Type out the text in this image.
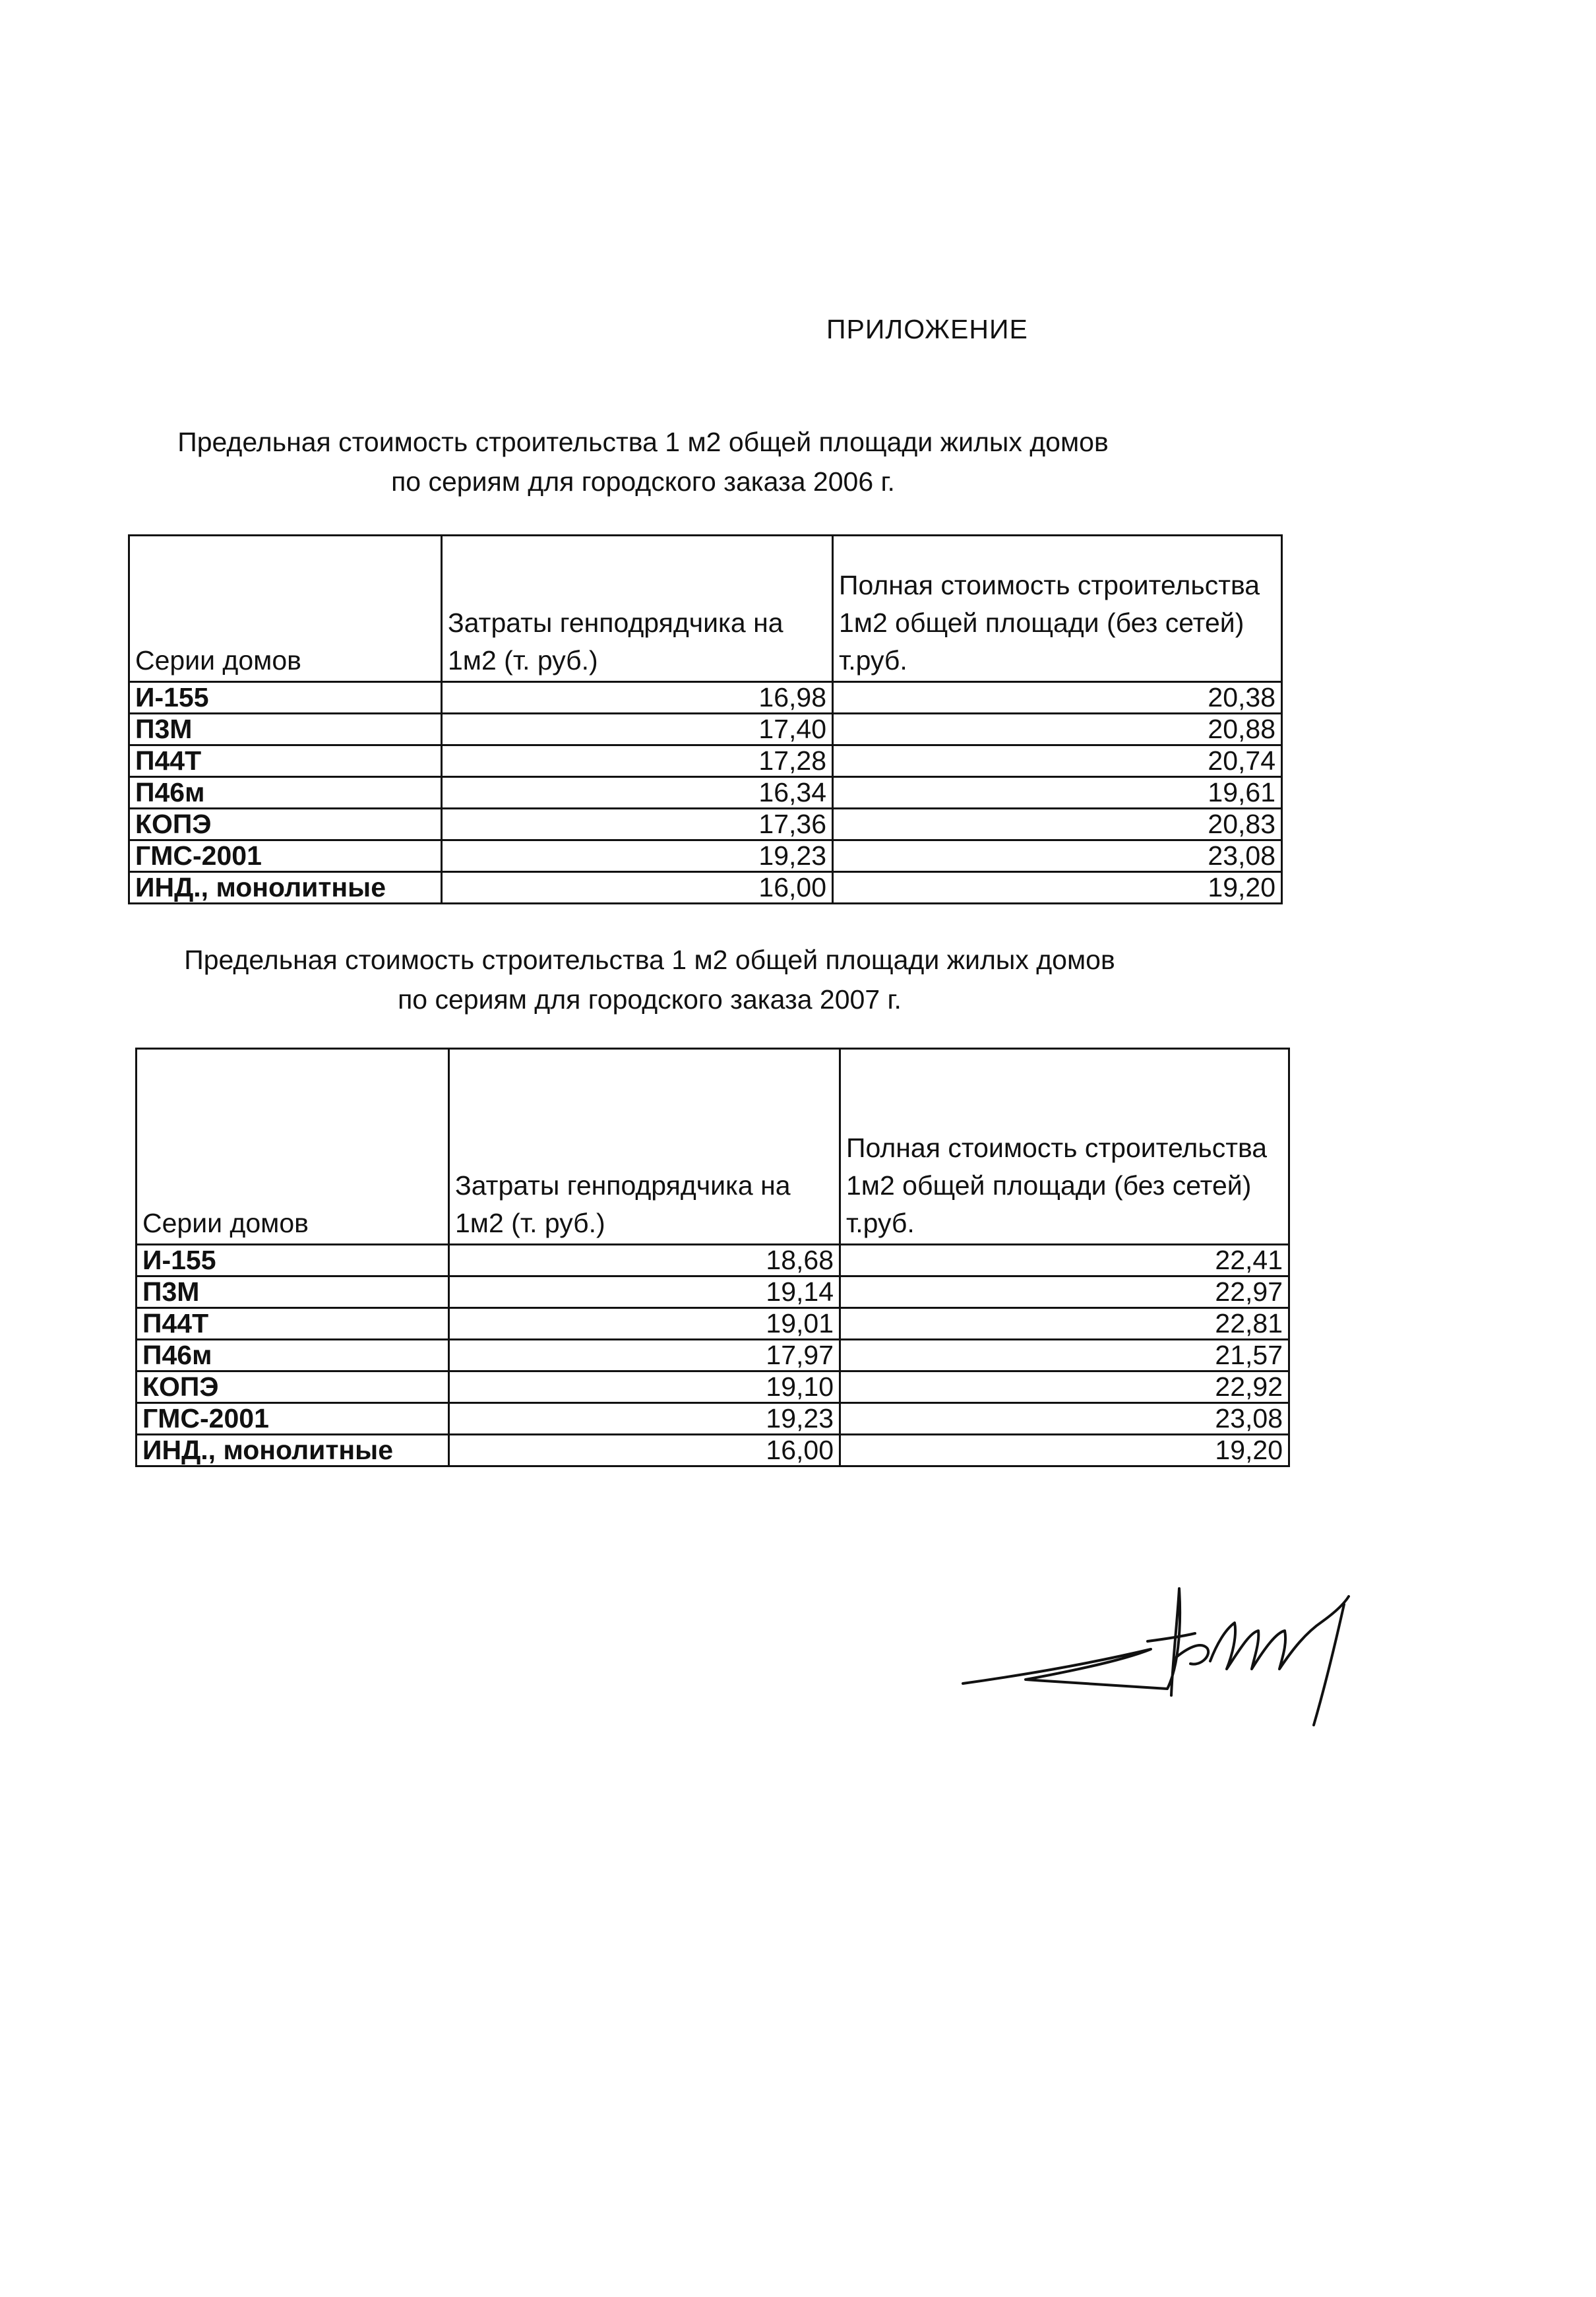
ПРИЛОЖЕНИЕ
Предельная стоимость строительства 1 м2 общей площади жилых домов
по сериям для городского заказа 2006 г.
Серии домов	Затраты генподрядчика на 1м2 (т. руб.)	Полная стоимость строительства 1м2 общей площади (без сетей) т.руб.
И-155	16,98	20,38
П3М	17,40	20,88
П44Т	17,28	20,74
П46м	16,34	19,61
КОПЭ	17,36	20,83
ГМС-2001	19,23	23,08
ИНД., монолитные	16,00	19,20
Предельная стоимость строительства 1 м2 общей площади жилых домов
по сериям для городского заказа 2007 г.
Серии домов	Затраты генподрядчика на 1м2 (т. руб.)	Полная стоимость строительства 1м2 общей площади (без сетей) т.руб.
И-155	18,68	22,41
П3М	19,14	22,97
П44Т	19,01	22,81
П46м	17,97	21,57
КОПЭ	19,10	22,92
ГМС-2001	19,23	23,08
ИНД., монолитные	16,00	19,20
